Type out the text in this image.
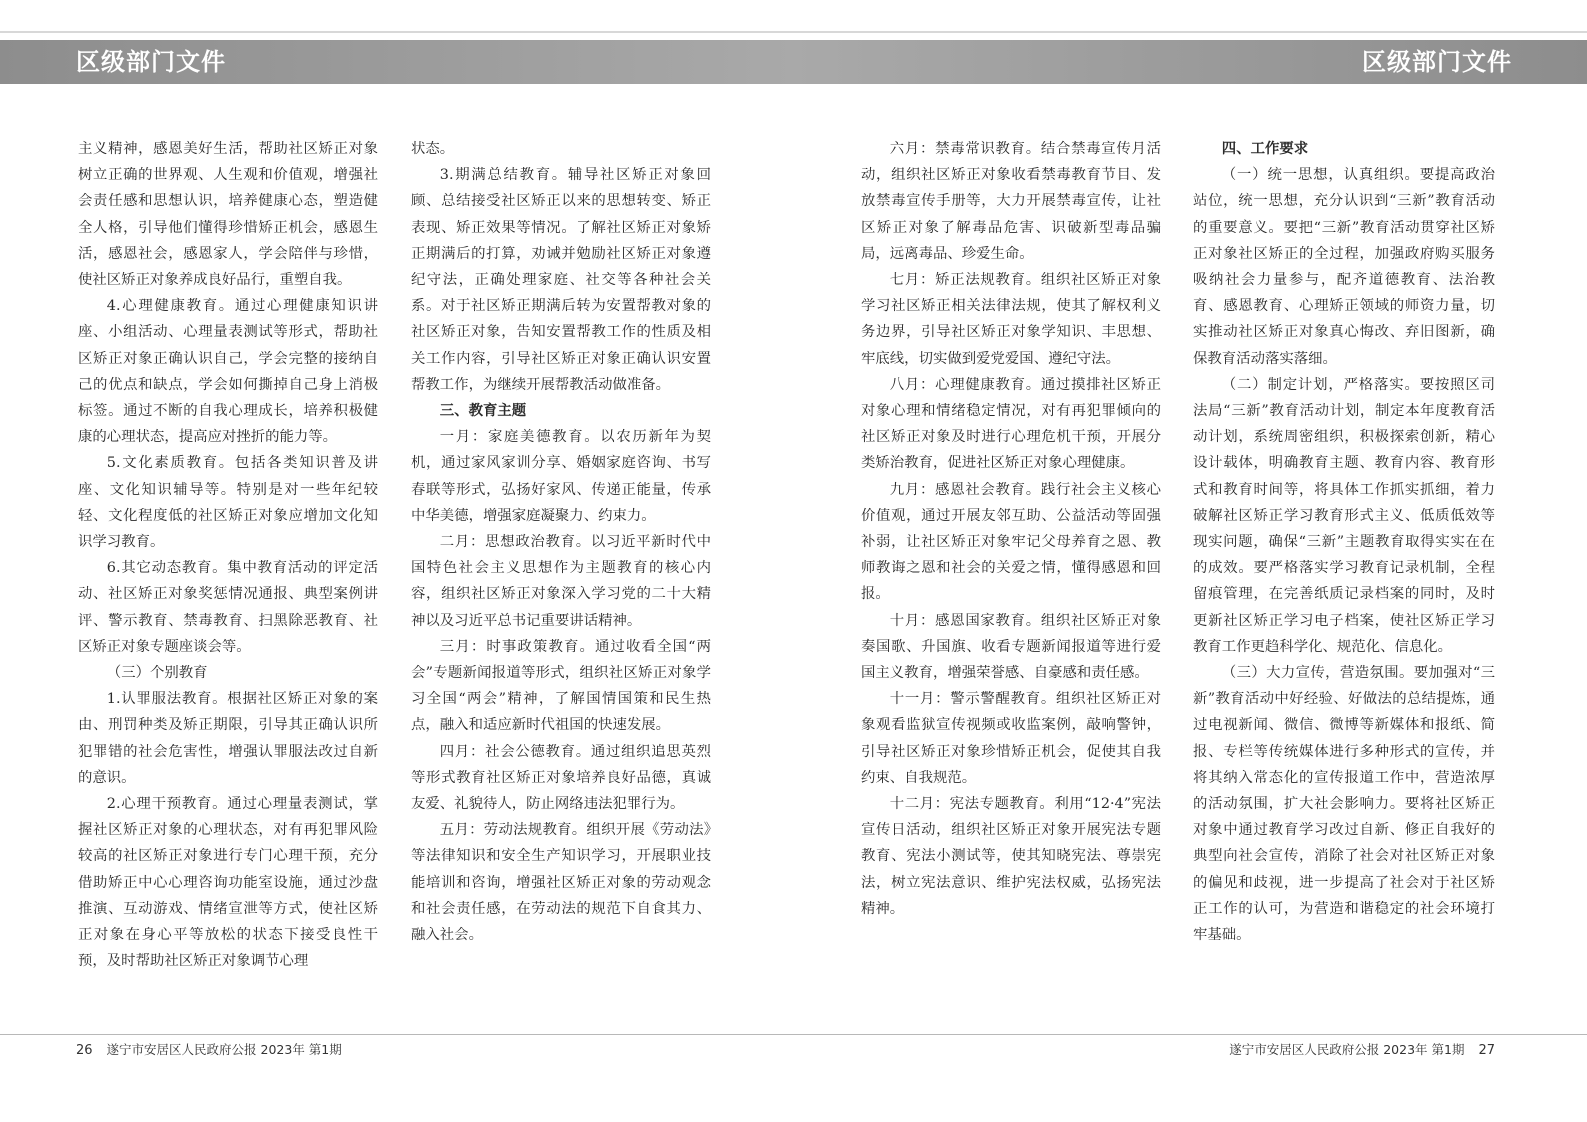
区级部门文件	区级部门文件

主义精神，感恩美好生活，帮助社区矫正对象树立正确的世界观、人生观和价值观，增强社会责任感和思想认识，培养健康心态，塑造健全人格，引导他们懂得珍惜矫正机会，感恩生活，感恩社会，感恩家人，学会陪伴与珍惜，使社区矫正对象养成良好品行，重塑自我。

4.心理健康教育。通过心理健康知识讲座、小组活动、心理量表测试等形式，帮助社区矫正对象正确认识自己，学会完整的接纳自己的优点和缺点，学会如何撕掉自己身上消极标签。通过不断的自我心理成长，培养积极健康的心理状态，提高应对挫折的能力等。

5.文化素质教育。包括各类知识普及讲座、文化知识辅导等。特别是对一些年纪较轻、文化程度低的社区矫正对象应增加文化知识学习教育。

6.其它动态教育。集中教育活动的评定活动、社区矫正对象奖惩情况通报、典型案例讲评、警示教育、禁毒教育、扫黑除恶教育、社区矫正对象专题座谈会等。

（三）个别教育

1.认罪服法教育。根据社区矫正对象的案由、刑罚种类及矫正期限，引导其正确认识所犯罪错的社会危害性，增强认罪服法改过自新的意识。

2.心理干预教育。通过心理量表测试，掌握社区矫正对象的心理状态，对有再犯罪风险较高的社区矫正对象进行专门心理干预，充分借助矫正中心心理咨询功能室设施，通过沙盘推演、互动游戏、情绪宣泄等方式，使社区矫正对象在身心平等放松的状态下接受良性干预，及时帮助社区矫正对象调节心理

状态。

3.期满总结教育。辅导社区矫正对象回顾、总结接受社区矫正以来的思想转变、矫正表现、矫正效果等情况。了解社区矫正对象矫正期满后的打算，劝诫并勉励社区矫正对象遵纪守法，正确处理家庭、社交等各种社会关系。对于社区矫正期满后转为安置帮教对象的社区矫正对象，告知安置帮教工作的性质及相关工作内容，引导社区矫正对象正确认识安置帮教工作，为继续开展帮教活动做准备。

三、教育主题

一月：家庭美德教育。以农历新年为契机，通过家风家训分享、婚姻家庭咨询、书写春联等形式，弘扬好家风、传递正能量，传承中华美德，增强家庭凝聚力、约束力。

二月：思想政治教育。以习近平新时代中国特色社会主义思想作为主题教育的核心内容，组织社区矫正对象深入学习党的二十大精神以及习近平总书记重要讲话精神。

三月：时事政策教育。通过收看全国“两会”专题新闻报道等形式，组织社区矫正对象学习全国“两会”精神，了解国情国策和民生热点，融入和适应新时代祖国的快速发展。

四月：社会公德教育。通过组织追思英烈等形式教育社区矫正对象培养良好品德，真诚友爱、礼貌待人，防止网络违法犯罪行为。

五月：劳动法规教育。组织开展《劳动法》等法律知识和安全生产知识学习，开展职业技能培训和咨询，增强社区矫正对象的劳动观念和社会责任感，在劳动法的规范下自食其力、融入社会。

六月：禁毒常识教育。结合禁毒宣传月活动，组织社区矫正对象收看禁毒教育节目、发放禁毒宣传手册等，大力开展禁毒宣传，让社区矫正对象了解毒品危害、识破新型毒品骗局，远离毒品、珍爱生命。

七月：矫正法规教育。组织社区矫正对象学习社区矫正相关法律法规，使其了解权利义务边界，引导社区矫正对象学知识、丰思想、牢底线，切实做到爱党爱国、遵纪守法。

八月：心理健康教育。通过摸排社区矫正对象心理和情绪稳定情况，对有再犯罪倾向的社区矫正对象及时进行心理危机干预，开展分类矫治教育，促进社区矫正对象心理健康。

九月：感恩社会教育。践行社会主义核心价值观，通过开展友邻互助、公益活动等固强补弱，让社区矫正对象牢记父母养育之恩、教师教诲之恩和社会的关爱之情，懂得感恩和回报。

十月：感恩国家教育。组织社区矫正对象奏国歌、升国旗、收看专题新闻报道等进行爱国主义教育，增强荣誉感、自豪感和责任感。

十一月：警示警醒教育。组织社区矫正对象观看监狱宣传视频或收监案例，敲响警钟，引导社区矫正对象珍惜矫正机会，促使其自我约束、自我规范。

十二月：宪法专题教育。利用“12·4”宪法宣传日活动，组织社区矫正对象开展宪法专题教育、宪法小测试等，使其知晓宪法、尊崇宪法，树立宪法意识、维护宪法权威，弘扬宪法精神。

四、工作要求

（一）统一思想，认真组织。要提高政治站位，统一思想，充分认识到“三新”教育活动的重要意义。要把“三新”教育活动贯穿社区矫正对象社区矫正的全过程，加强政府购买服务吸纳社会力量参与，配齐道德教育、法治教育、感恩教育、心理矫正领域的师资力量，切实推动社区矫正对象真心悔改、弃旧图新，确保教育活动落实落细。

（二）制定计划，严格落实。要按照区司法局“三新”教育活动计划，制定本年度教育活动计划，系统周密组织，积极探索创新，精心设计载体，明确教育主题、教育内容、教育形式和教育时间等，将具体工作抓实抓细，着力破解社区矫正学习教育形式主义、低质低效等现实问题，确保“三新”主题教育取得实实在在的成效。要严格落实学习教育记录机制，全程留痕管理，在完善纸质记录档案的同时，及时更新社区矫正学习电子档案，使社区矫正学习教育工作更趋科学化、规范化、信息化。

（三）大力宣传，营造氛围。要加强对“三新”教育活动中好经验、好做法的总结提炼，通过电视新闻、微信、微博等新媒体和报纸、简报、专栏等传统媒体进行多种形式的宣传，并将其纳入常态化的宣传报道工作中，营造浓厚的活动氛围，扩大社会影响力。要将社区矫正对象中通过教育学习改过自新、修正自我好的典型向社会宣传，消除了社会对社区矫正对象的偏见和歧视，进一步提高了社会对于社区矫正工作的认可，为营造和谐稳定的社会环境打牢基础。

26 遂宁市安居区人民政府公报 2023年 第1期	遂宁市安居区人民政府公报 2023年 第1期 27
